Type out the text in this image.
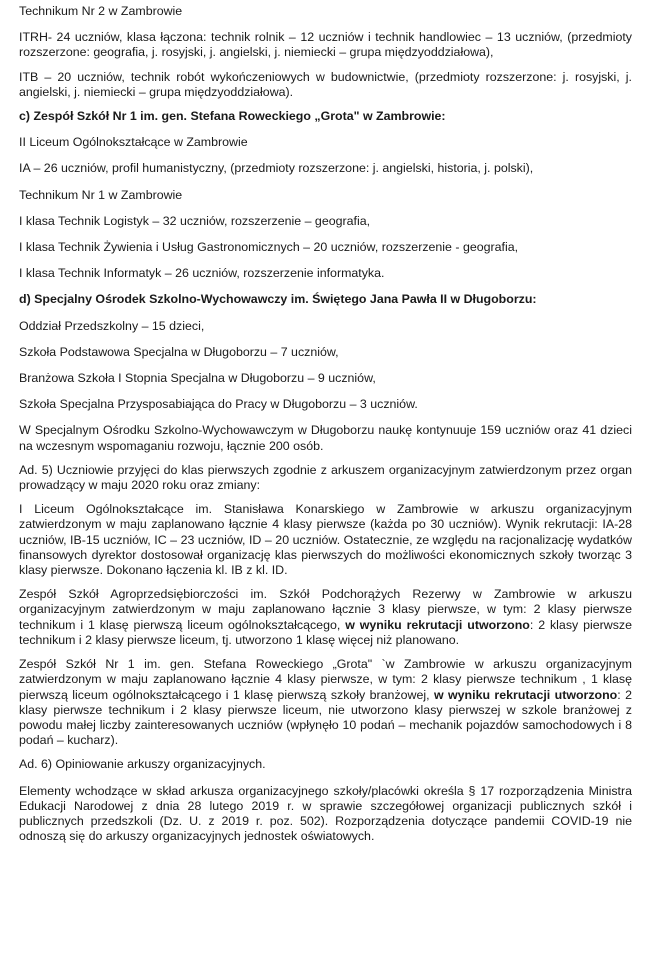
Technikum Nr 2 w Zambrowie

ITRH- 24 uczniów, klasa łączona: technik rolnik – 12 uczniów i technik handlowiec – 13 uczniów, (przedmioty rozszerzone: geografia, j. rosyjski, j. angielski, j. niemiecki – grupa międzyoddziałowa),

ITB – 20 uczniów, technik robót wykończeniowych w budownictwie, (przedmioty rozszerzone: j. rosyjski, j. angielski, j. niemiecki – grupa międzyoddziałowa).

c) Zespół Szkół Nr 1 im. gen. Stefana Roweckiego „Grota" w Zambrowie:

II Liceum Ogólnokształcące w Zambrowie

IA – 26 uczniów, profil humanistyczny, (przedmioty rozszerzone: j. angielski, historia, j. polski),

Technikum Nr 1 w Zambrowie

I klasa Technik Logistyk – 32 uczniów, rozszerzenie – geografia,

I klasa Technik Żywienia i Usług Gastronomicznych – 20 uczniów, rozszerzenie - geografia,

I klasa Technik Informatyk – 26 uczniów, rozszerzenie informatyka.

d) Specjalny Ośrodek Szkolno-Wychowawczy im. Świętego Jana Pawła II w Długoborzu:

Oddział Przedszkolny – 15 dzieci,

Szkoła Podstawowa Specjalna w Długoborzu – 7 uczniów,

Branżowa Szkoła I Stopnia Specjalna w Długoborzu – 9 uczniów,

Szkoła Specjalna Przysposabiająca do Pracy w Długoborzu – 3 uczniów.

W Specjalnym Ośrodku Szkolno-Wychowawczym w Długoborzu naukę kontynuuje 159 uczniów oraz 41 dzieci na wczesnym wspomaganiu rozwoju, łącznie 200 osób.

Ad. 5) Uczniowie przyjęci do klas pierwszych zgodnie z arkuszem organizacyjnym zatwierdzonym przez organ prowadzący w maju 2020 roku oraz zmiany:

I Liceum Ogólnokształcące im. Stanisława Konarskiego w Zambrowie w arkuszu organizacyjnym zatwierdzonym w maju zaplanowano łącznie 4 klasy pierwsze (każda po 30 uczniów). Wynik rekrutacji: IA-28 uczniów, IB-15 uczniów, IC – 23 uczniów, ID – 20 uczniów. Ostatecznie, ze względu na racjonalizację wydatków finansowych dyrektor dostosował organizację klas pierwszych do możliwości ekonomicznych szkoły tworząc 3 klasy pierwsze. Dokonano łączenia kl. IB z kl. ID.

Zespół Szkół Agroprzedsiębiorczości im. Szkół Podchorążych Rezerwy w Zambrowie w arkuszu organizacyjnym zatwierdzonym w maju zaplanowano łącznie 3 klasy pierwsze, w tym: 2 klasy pierwsze technikum i 1 klasę pierwszą liceum ogólnokształcącego, w wyniku rekrutacji utworzono: 2 klasy pierwsze technikum i 2 klasy pierwsze liceum, tj. utworzono 1 klasę więcej niż planowano.

Zespół Szkół Nr 1 im. gen. Stefana Roweckiego „Grota" `w Zambrowie w arkuszu organizacyjnym zatwierdzonym w maju zaplanowano łącznie 4 klasy pierwsze, w tym: 2 klasy pierwsze technikum , 1 klasę pierwszą liceum ogólnokształcącego i 1 klasę pierwszą szkoły branżowej, w wyniku rekrutacji utworzono: 2 klasy pierwsze technikum i 2 klasy pierwsze liceum, nie utworzono klasy pierwszej w szkole branżowej z powodu małej liczby zainteresowanych uczniów (wpłynęło 10 podań – mechanik pojazdów samochodowych i 8 podań – kucharz).

Ad. 6) Opiniowanie arkuszy organizacyjnych.

Elementy wchodzące w skład arkusza organizacyjnego szkoły/placówki określa § 17 rozporządzenia Ministra Edukacji Narodowej z dnia 28 lutego 2019 r. w sprawie szczegółowej organizacji publicznych szkół i publicznych przedszkoli (Dz. U. z 2019 r. poz. 502). Rozporządzenia dotyczące pandemii COVID-19 nie odnoszą się do arkuszy organizacyjnych jednostek oświatowych.
